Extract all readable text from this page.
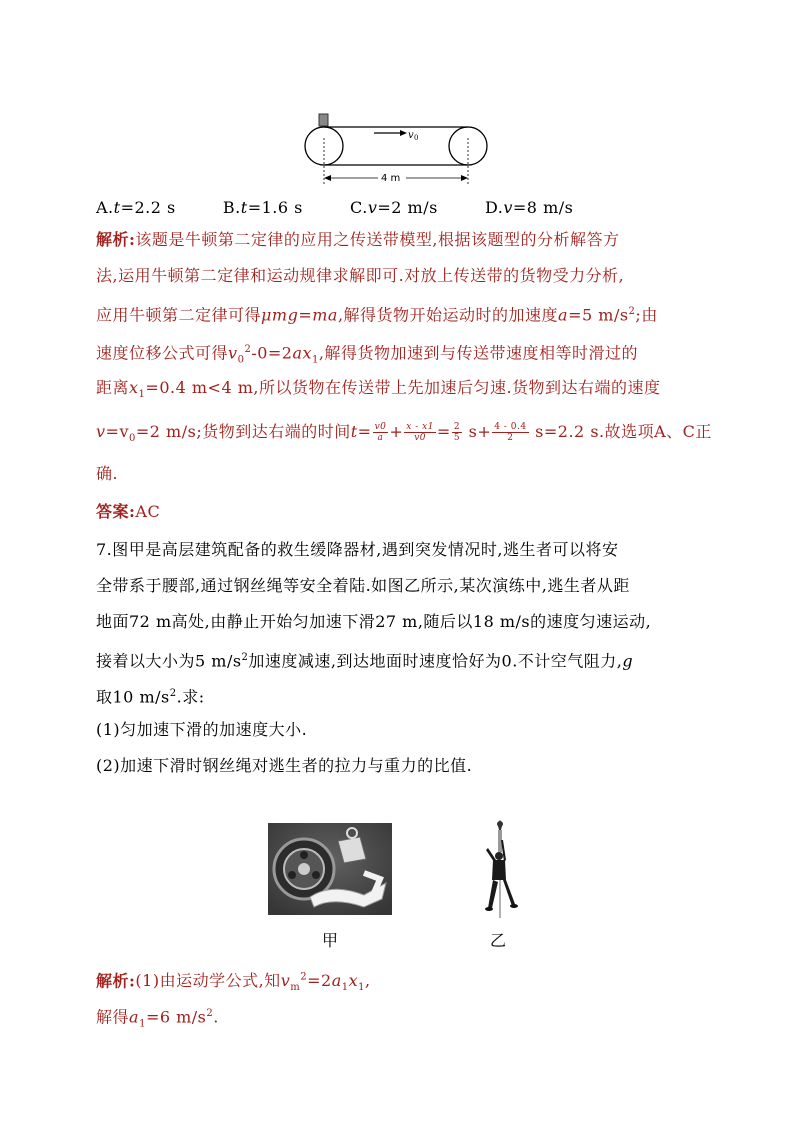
v 0
4 m
A.t=2.2 s	B.t=1.6 s	C.v=2 m/s	D.v=8 m/s
解析:该题是牛顿第二定律的应用之传送带模型,根据该题型的分析解答方
法,运用牛顿第二定律和运动规律求解即可.对放上传送带的货物受力分析,
应用牛顿第二定律可得μmg=ma,解得货物开始运动时的加速度a=5 $m/s^2$;由
速度位移公式可得$v_0^2-0=2ax_1$,解得货物加速到与传送带速度相等时滑过的
距离$x_1=0.4$ m<4 m,所以货物在传送带上先加速后匀速.货物到达右端的速度
$v=v_0=2$ m/s;货物到达右端的时间$t= \frac{v0}{a} + \frac{x - x1}{v0} = \frac{2}{5} s+ \frac{4 - 0.4}{2} s=2.2$ s.故选项A、C正
确.
答案:AC
7.图甲是高层建筑配备的救生缓降器材,遇到突发情况时,逃生者可以将安
全带系于腰部,通过钢丝绳等安全着陆.如图乙所示,某次演练中,逃生者从距
地面72 m高处,由静止开始匀加速下滑27 m,随后以18 m/s的速度匀速运动,
接着以大小为5 $m/s^2$加速度减速,到达地面时速度恰好为0.不计空气阻力,g
取10 $m/s^2$.求:
(1)匀加速下滑的加速度大小.
(2)加速下滑时钢丝绳对逃生者的拉力与重力的比值.
甲	乙
解析:(1)由运动学公式,知$v_m^2=2a_1x_1$,
解得$a_1=6$ $m/s^2$.
